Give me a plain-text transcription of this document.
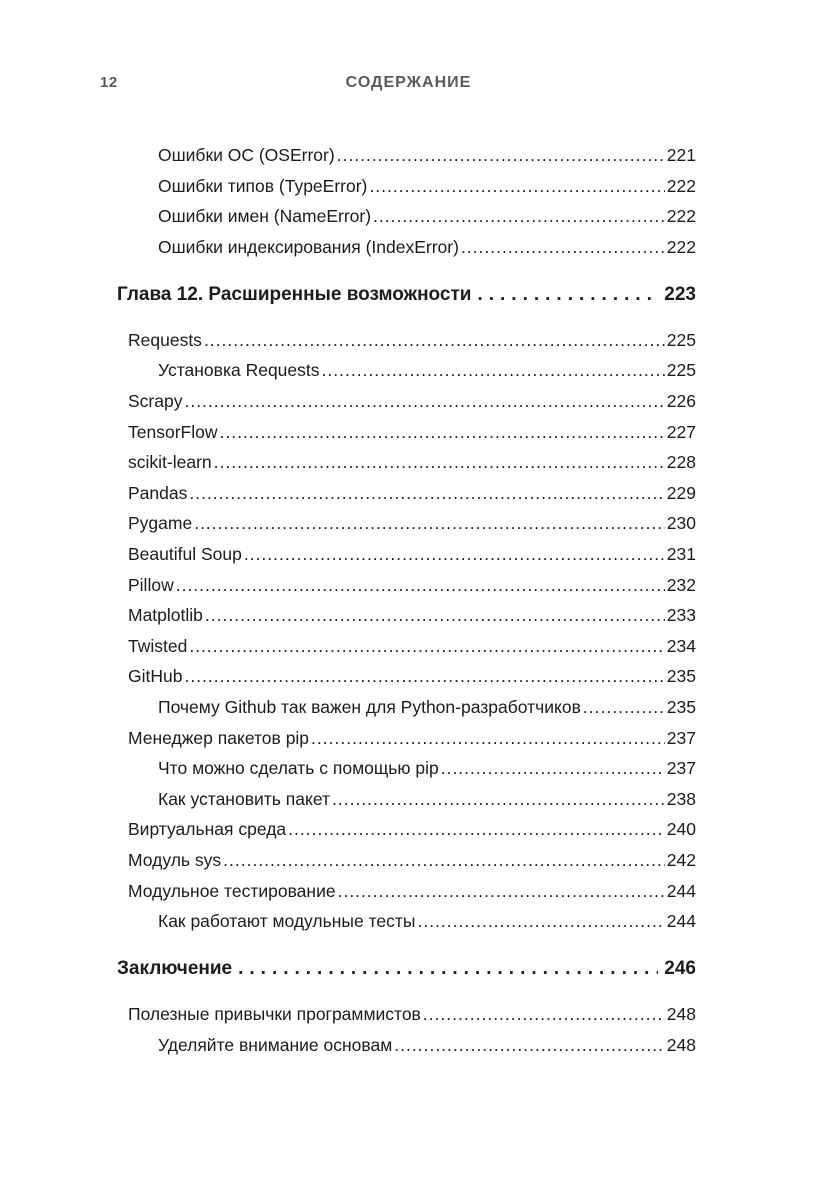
12	СОДЕРЖАНИЕ
Ошибки ОС (OSError) .....	221
Ошибки типов (TypeError) .....	222
Ошибки имен (NameError) .....	222
Ошибки индексирования (IndexError) .....	222
Глава 12. Расширенные возможности .....	223
Requests .....	225
Установка Requests .....	225
Scrapy .....	226
TensorFlow .....	227
scikit-learn .....	228
Pandas .....	229
Pygame .....	230
Beautiful Soup .....	231
Pillow .....	232
Matplotlib .....	233
Twisted .....	234
GitHub .....	235
Почему Github так важен для Python-разработчиков .....	235
Менеджер пакетов pip .....	237
Что можно сделать с помощью pip .....	237
Как установить пакет .....	238
Виртуальная среда .....	240
Модуль sys .....	242
Модульное тестирование .....	244
Как работают модульные тесты .....	244
Заключение .....	246
Полезные привычки программистов .....	248
Уделяйте внимание основам .....	248
